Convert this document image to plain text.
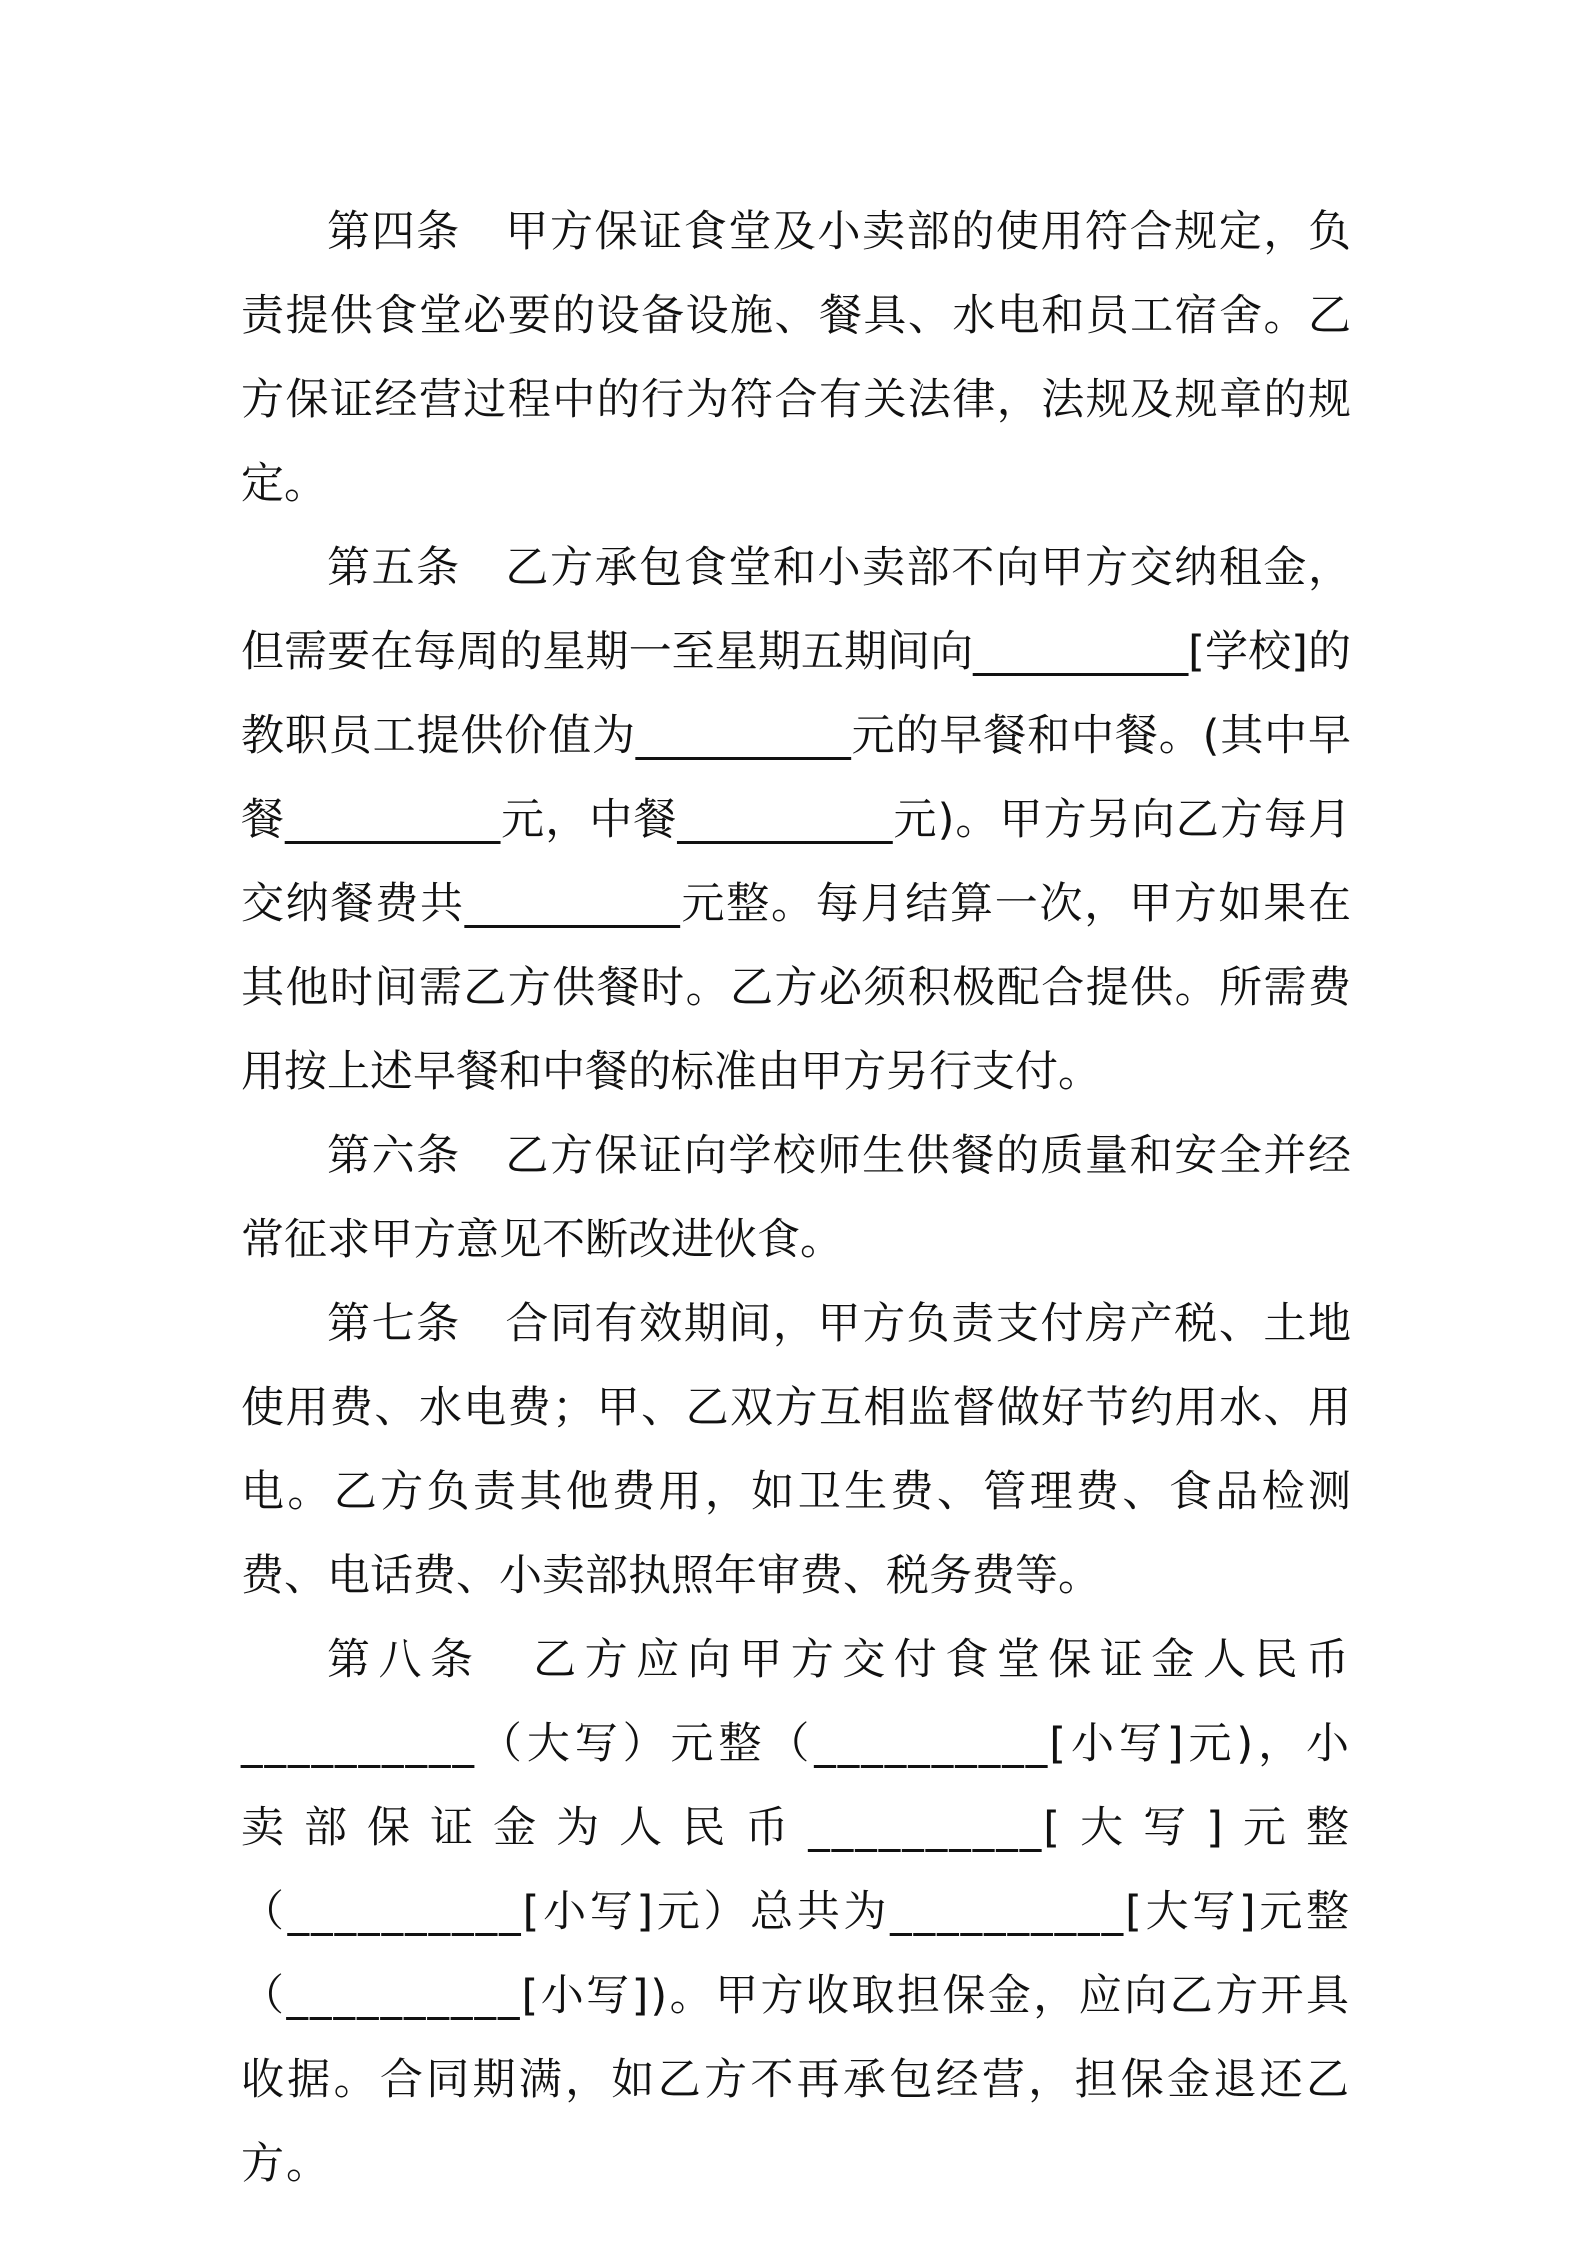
第四条　甲方保证食堂及小卖部的使用符合规定，负责提供食堂必要的设备设施、餐具、水电和员工宿舍。乙方保证经营过程中的行为符合有关法律，法规及规章的规定。

第五条　乙方承包食堂和小卖部不向甲方交纳租金，但需要在每周的星期一至星期五期间向__________[学校]的教职员工提供价值为__________元的早餐和中餐。(其中早餐__________元，中餐__________元)。甲方另向乙方每月交纳餐费共__________元整。每月结算一次，甲方如果在其他时间需乙方供餐时。乙方必须积极配合提供。所需费用按上述早餐和中餐的标准由甲方另行支付。

第六条　乙方保证向学校师生供餐的质量和安全并经常征求甲方意见不断改进伙食。

第七条　合同有效期间，甲方负责支付房产税、土地使用费、水电费；甲、乙双方互相监督做好节约用水、用电。乙方负责其他费用，如卫生费、管理费、食品检测费、电话费、小卖部执照年审费、税务费等。

第八条　乙方应向甲方交付食堂保证金人民币__________（大写）元整（__________[小写]元)，小卖部保证金为人民币__________[大写]元整（__________[小写]元）总共为__________[大写]元整（__________[小写])。甲方收取担保金，应向乙方开具收据。合同期满，如乙方不再承包经营，担保金退还乙方。
